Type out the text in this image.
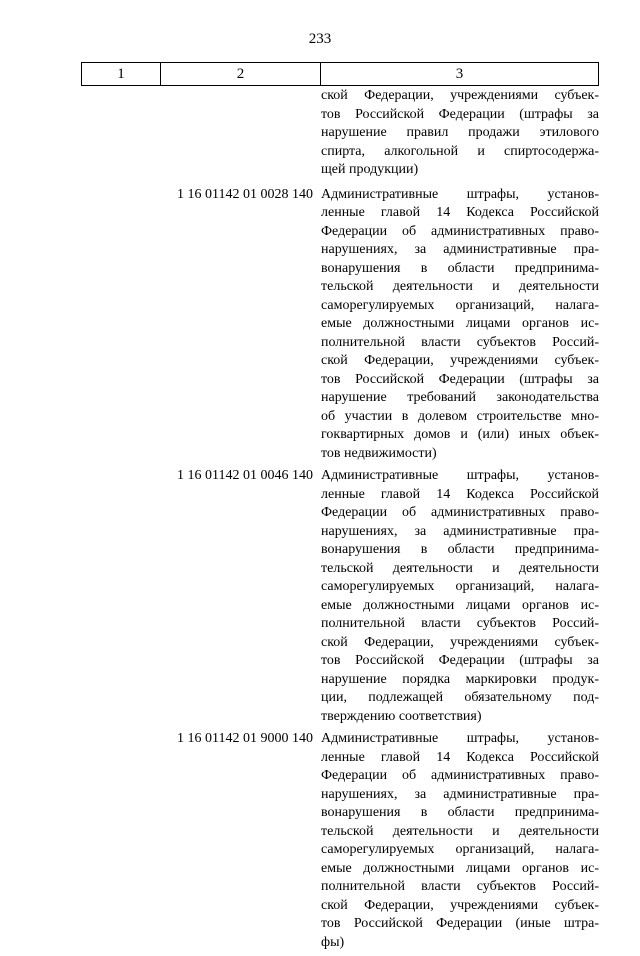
233
1	2	3
ской Федерации, учреждениями субъек-
тов Российской Федерации (штрафы за
нарушение правил продажи этилового
спирта, алкогольной и спиртосодержа-
щей продукции)
1 16 01142 01 0028 140 Административные штрафы, установ-
ленные главой 14 Кодекса Российской
Федерации об административных право-
нарушениях, за административные пра-
вонарушения в области предпринима-
тельской деятельности и деятельности
саморегулируемых организаций, налага-
емые должностными лицами органов ис-
полнительной власти субъектов Россий-
ской Федерации, учреждениями субъек-
тов Российской Федерации (штрафы за
нарушение требований законодательства
об участии в долевом строительстве мно-
гоквартирных домов и (или) иных объек-
тов недвижимости)
1 16 01142 01 0046 140 Административные штрафы, установ-
ленные главой 14 Кодекса Российской
Федерации об административных право-
нарушениях, за административные пра-
вонарушения в области предпринима-
тельской деятельности и деятельности
саморегулируемых организаций, налага-
емые должностными лицами органов ис-
полнительной власти субъектов Россий-
ской Федерации, учреждениями субъек-
тов Российской Федерации (штрафы за
нарушение порядка маркировки продук-
ции, подлежащей обязательному под-
тверждению соответствия)
1 16 01142 01 9000 140 Административные штрафы, установ-
ленные главой 14 Кодекса Российской
Федерации об административных право-
нарушениях, за административные пра-
вонарушения в области предпринима-
тельской деятельности и деятельности
саморегулируемых организаций, налага-
емые должностными лицами органов ис-
полнительной власти субъектов Россий-
ской Федерации, учреждениями субъек-
тов Российской Федерации (иные штра-
фы)
